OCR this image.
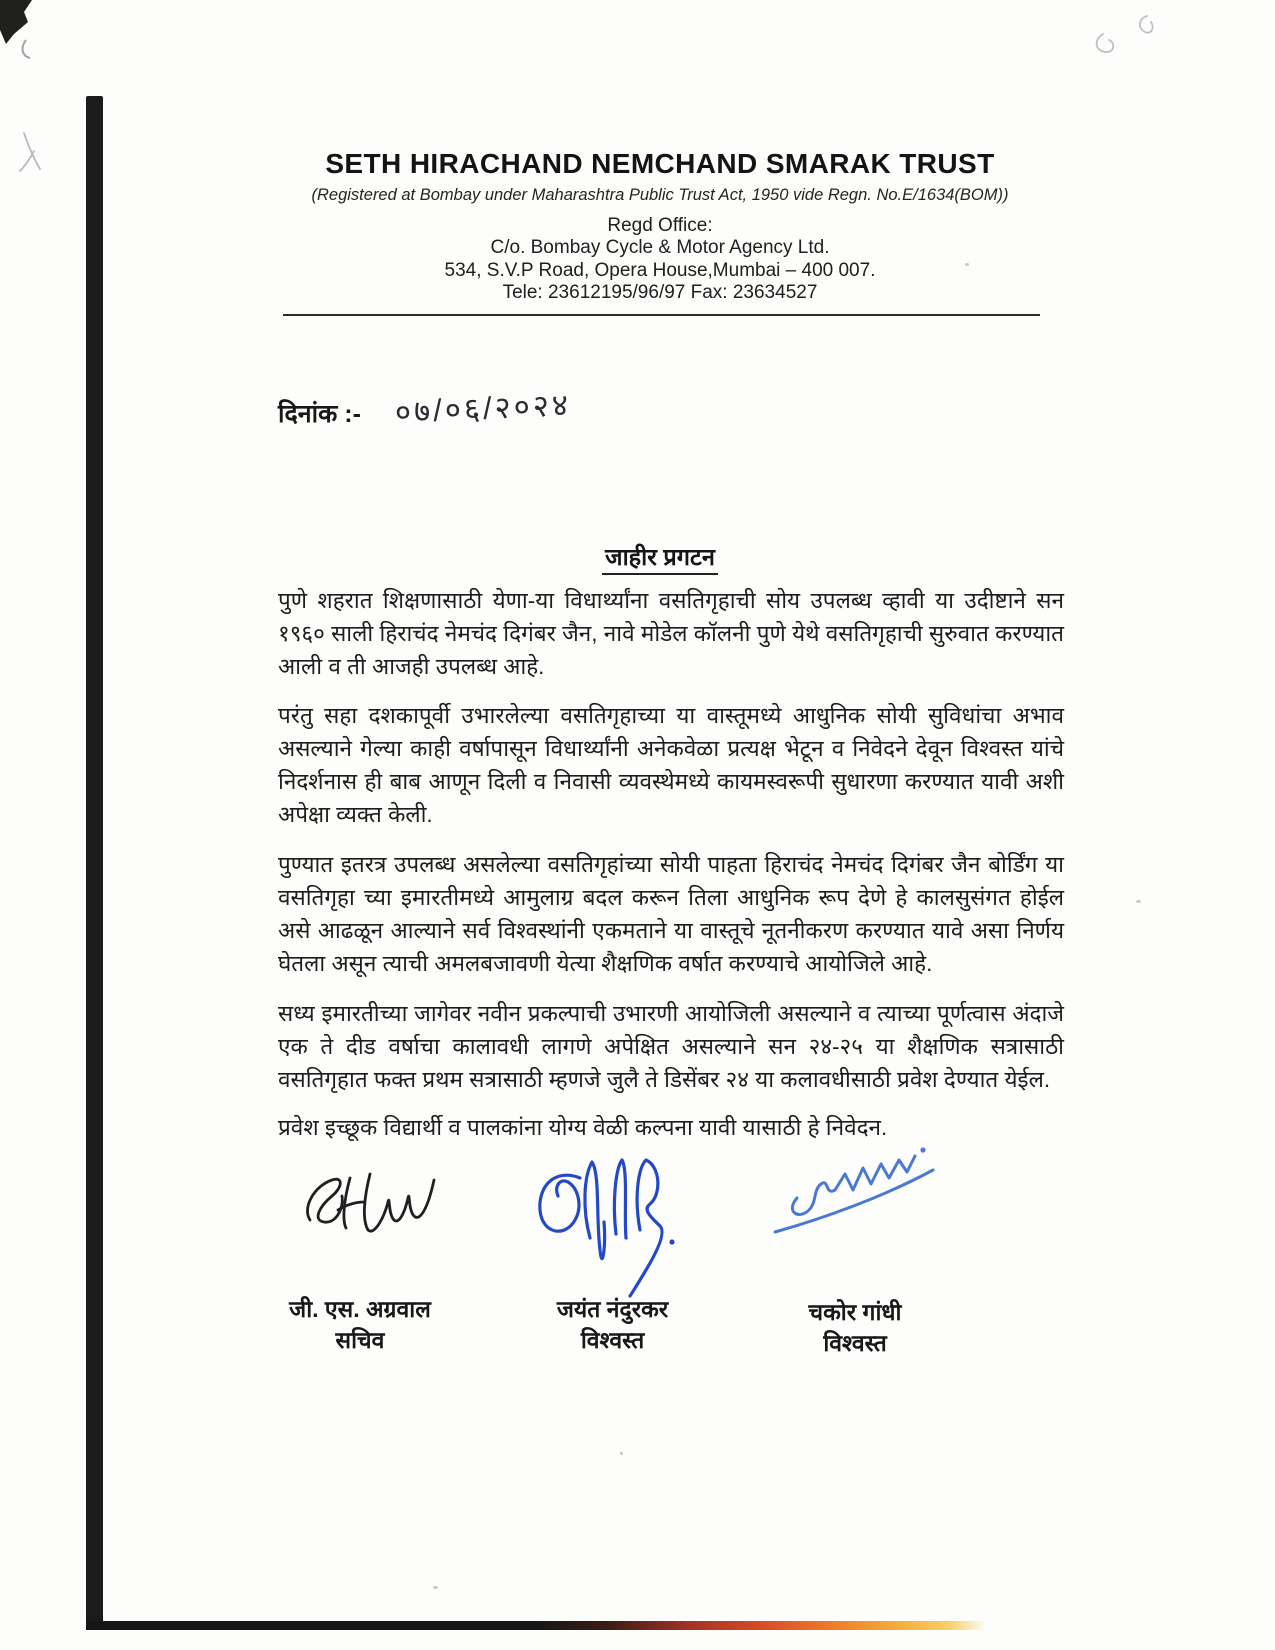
SETH HIRACHAND NEMCHAND SMARAK TRUST
(Registered at Bombay under Maharashtra Public Trust Act, 1950 vide Regn. No.E/1634(BOM))
Regd Office:
C/o. Bombay Cycle & Motor Agency Ltd.
534, S.V.P Road, Opera House,Mumbai – 400 007.
Tele: 23612195/96/97 Fax: 23634527
दिनांक :- ०७/०६/२०२४
जाहीर प्रगटन

पुणे शहरात शिक्षणासाठी येणा-या विधार्थ्यांना वसतिगृहाची सोय उपलब्ध व्हावी या उदीष्टाने सन १९६० साली हिराचंद नेमचंद दिगंबर जैन, नावे मोडेल कॉलनी पुणे येथे वसतिगृहाची सुरुवात करण्यात आली व ती आजही उपलब्ध आहे.

परंतु सहा दशकापूर्वी उभारलेल्या वसतिगृहाच्या या वास्तूमध्ये आधुनिक सोयी सुविधांचा अभाव असल्याने गेल्या काही वर्षापासून विधार्थ्यांनी अनेकवेळा प्रत्यक्ष भेटून व निवेदने देवून विश्वस्त यांचे निदर्शनास ही बाब आणून दिली व निवासी व्यवस्थेमध्ये कायमस्वरूपी सुधारणा करण्यात यावी अशी अपेक्षा व्यक्त केली.

पुण्यात इतरत्र उपलब्ध असलेल्या वसतिगृहांच्या सोयी पाहता हिराचंद नेमचंद दिगंबर जैन बोर्डिंग या वसतिगृहा च्या इमारतीमध्ये आमुलाग्र बदल करून तिला आधुनिक रूप देणे हे कालसुसंगत होईल असे आढळून आल्याने सर्व विश्वस्थांनी एकमताने या वास्तूचे नूतनीकरण करण्यात यावे असा निर्णय घेतला असून त्याची अमलबजावणी येत्या शैक्षणिक वर्षात करण्याचे आयोजिले आहे.

सध्य इमारतीच्या जागेवर नवीन प्रकल्पाची उभारणी आयोजिली असल्याने व त्याच्या पूर्णत्वास अंदाजे एक ते दीड वर्षाचा कालावधी लागणे अपेक्षित असल्याने सन २४-२५ या शैक्षणिक सत्रासाठी वसतिगृहात फक्त प्रथम सत्रासाठी म्हणजे जुलै ते डिसेंबर २४ या कलावधीसाठी प्रवेश देण्यात येईल.

प्रवेश इच्छूक विद्यार्थी व पालकांना योग्य वेळी कल्पना यावी यासाठी हे निवेदन.

जी. एस. अग्रवाल
सचिव
जयंत नंदुरकर
विश्वस्त
चकोर गांधी
विश्वस्त
